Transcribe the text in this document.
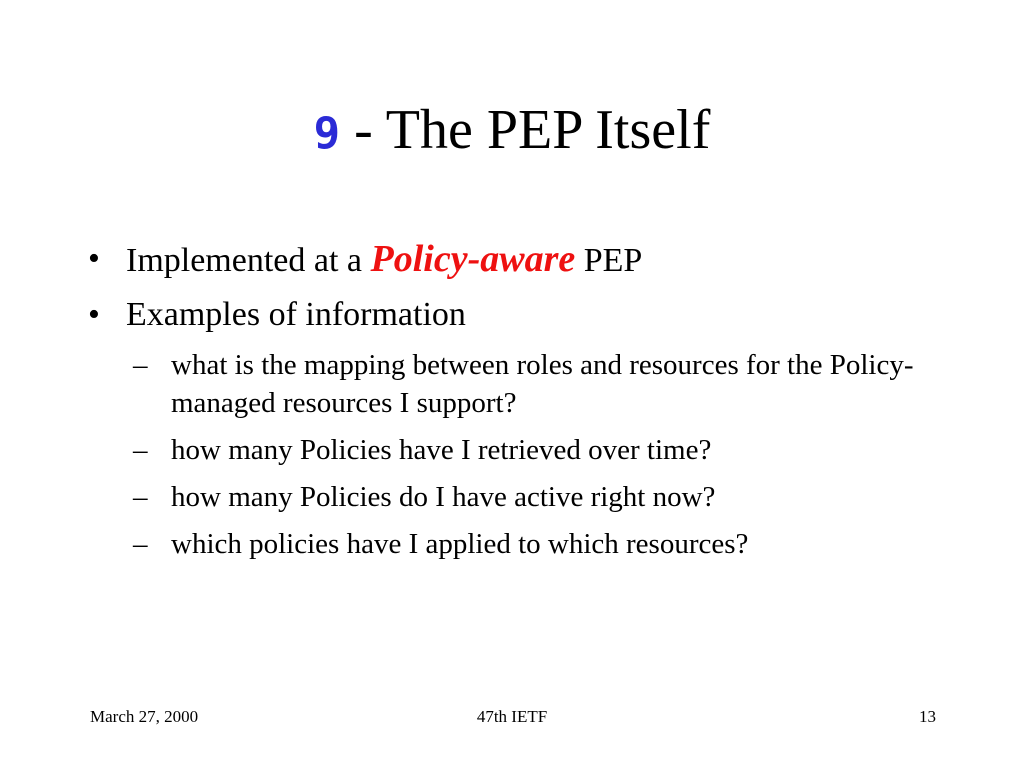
9 - The PEP Itself
• Implemented at a Policy-aware PEP
• Examples of information
– what is the mapping between roles and resources for the Policy-managed resources I support?
– how many Policies have I retrieved over time?
– how many Policies do I have active right now?
– which policies have I applied to which resources?
March 27, 2000	47th IETF	13
